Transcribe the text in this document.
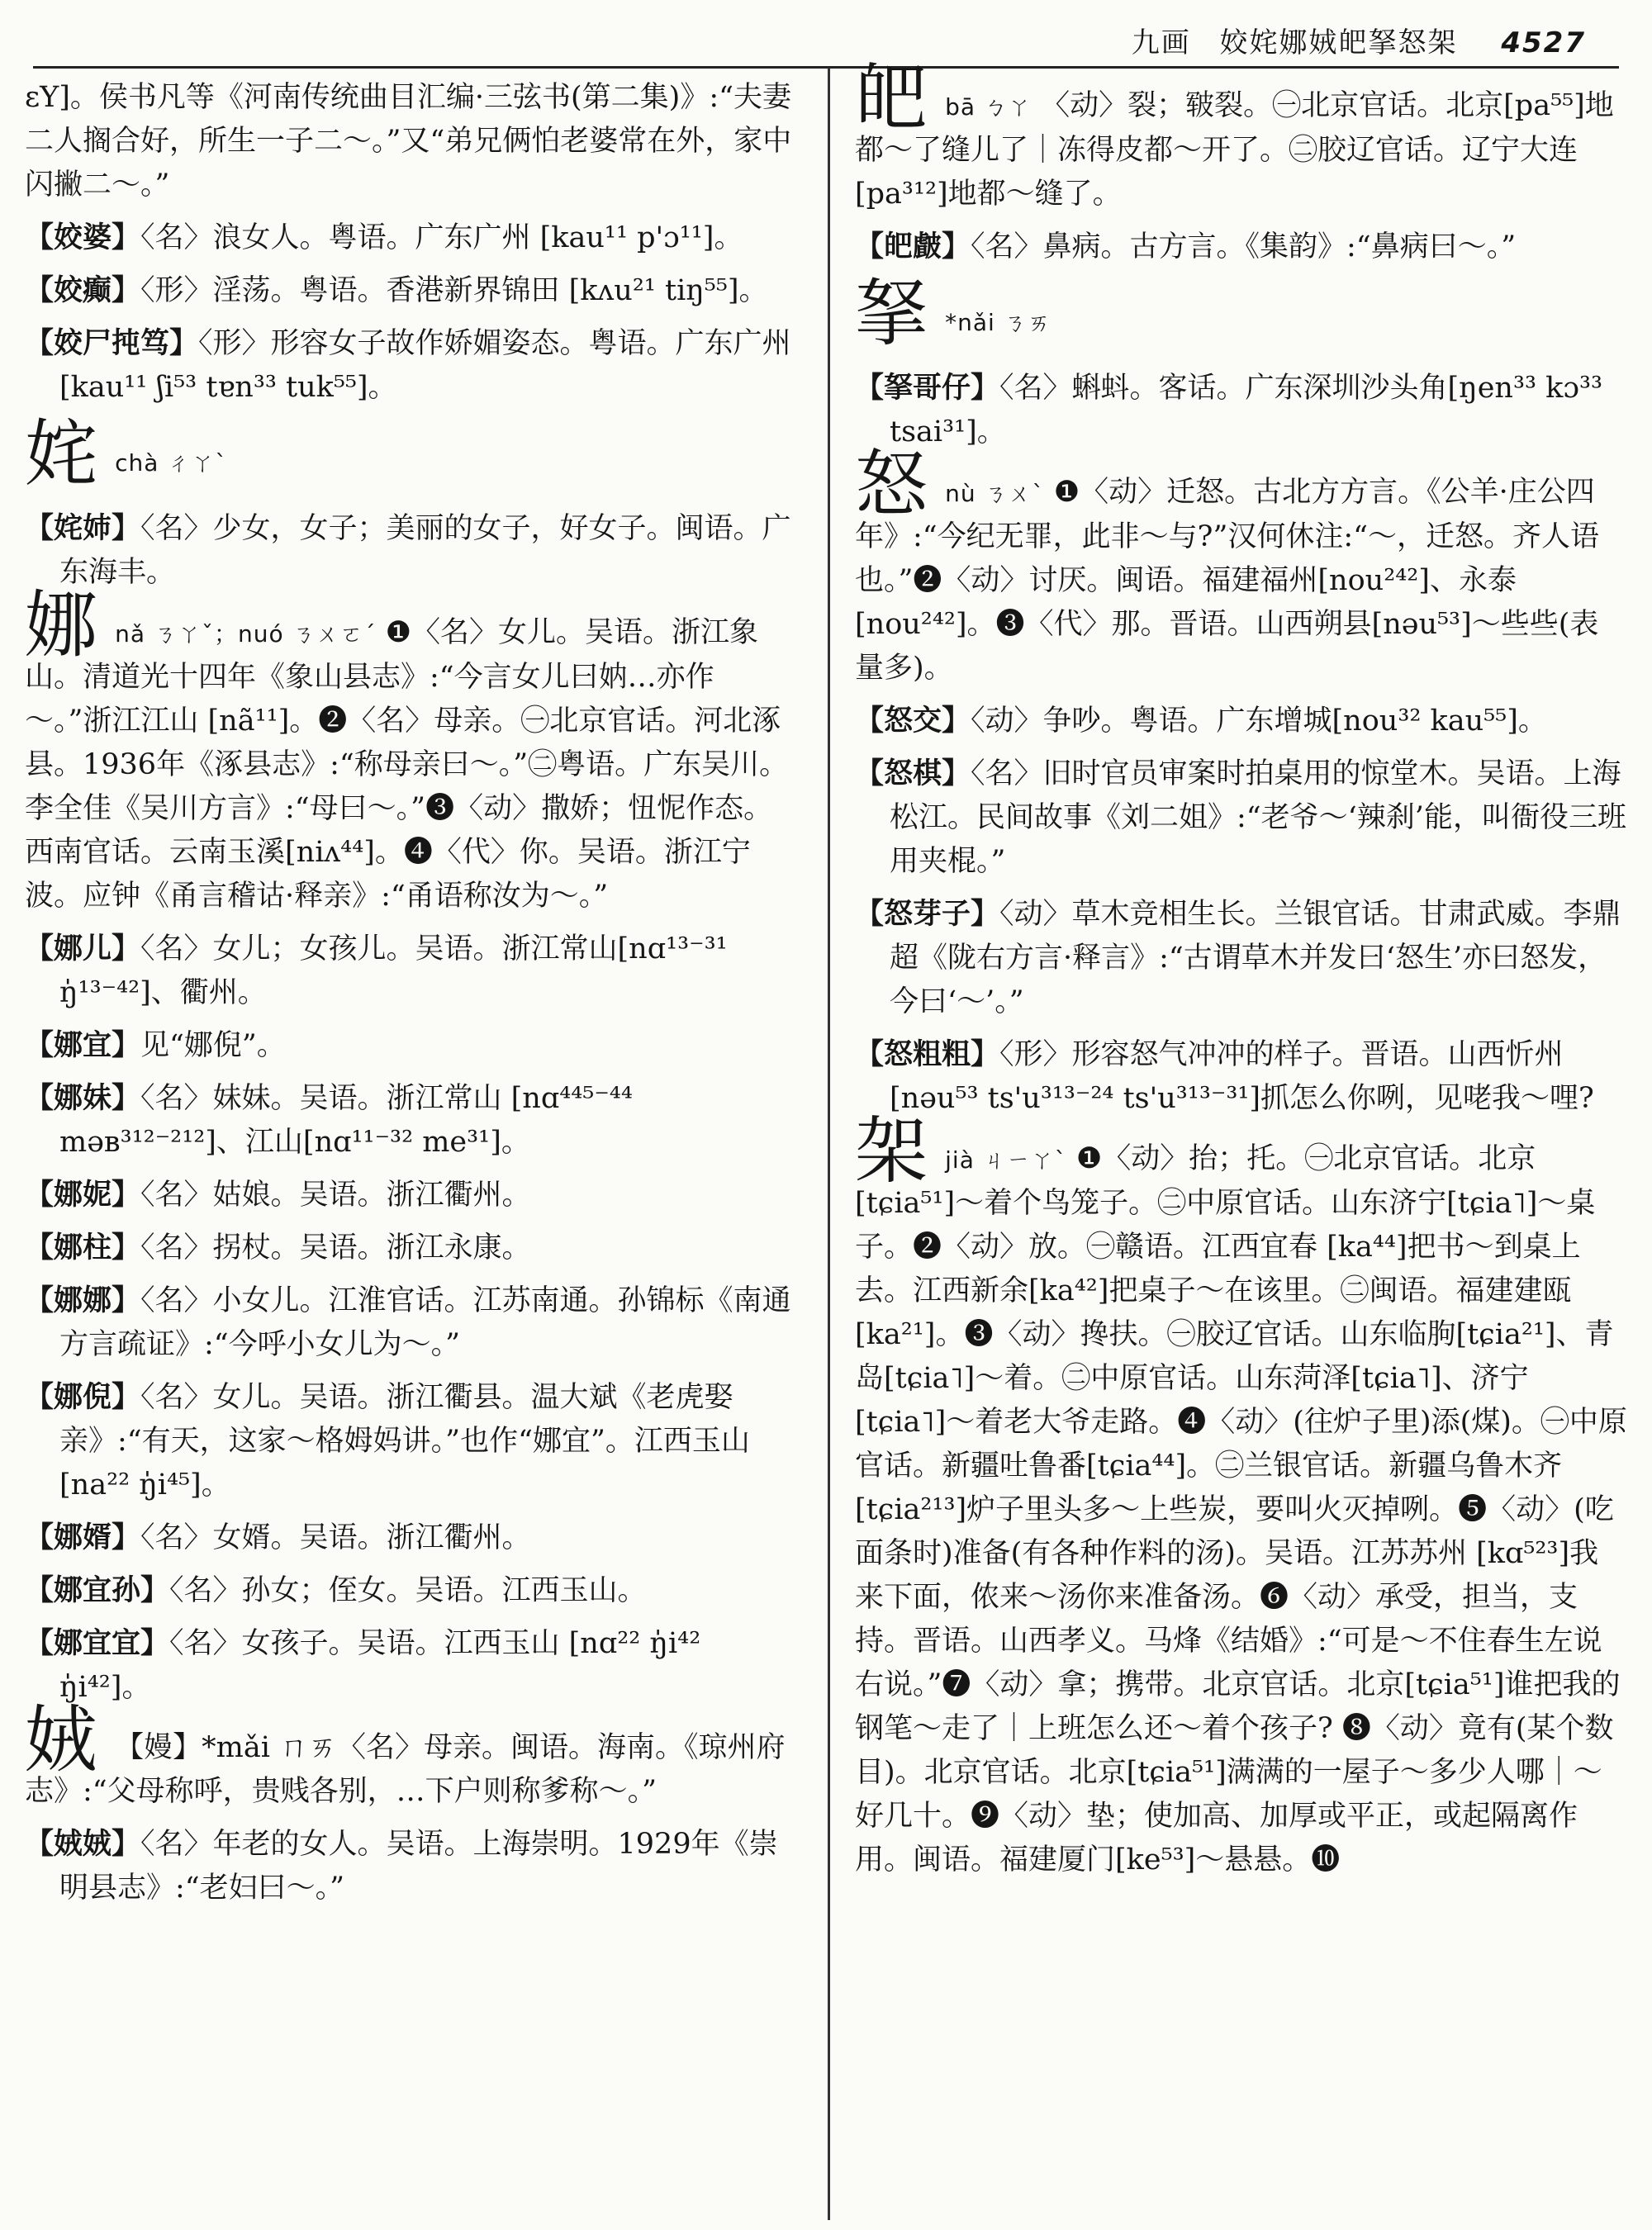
九画 姣姹娜娀皅拏怒架 4527

ɛY]。侯书凡等《河南传统曲目汇编·三弦书(第二集)》:“夫妻二人搁合好，所生一子二～。”又“弟兄俩怕老婆常在外，家中闪撇二～。”

【姣婆】〈名〉浪女人。粤语。广东广州 [kau¹¹ p'ɔ¹¹]。

【姣癫】〈形〉淫荡。粤语。香港新界锦田 [kʌu²¹ tiŋ⁵⁵]。

【姣尸扽笃】〈形〉形容女子故作娇媚姿态。粤语。广东广州[kau¹¹ ʃi⁵³ tɐn³³ tuk⁵⁵]。

姹 chà ㄔㄚˋ

【姹姉】〈名〉少女，女子；美丽的女子，好女子。闽语。广东海丰。

娜 nǎ ㄋㄚˇ；nuó ㄋㄨㄛˊ ❶〈名〉女儿。吴语。浙江象山。清道光十四年《象山县志》:“今言女儿曰妠…亦作～。”浙江江山 [nã¹¹]。❷〈名〉母亲。㊀北京官话。河北涿县。1936年《涿县志》:“称母亲曰～。”㊁粤语。广东吴川。李全佳《吴川方言》:“母曰～。”❸〈动〉撒娇；忸怩作态。西南官话。云南玉溪[niʌ⁴⁴]。❹〈代〉你。吴语。浙江宁波。应钟《甬言稽诂·释亲》:“甬语称汝为～。”

【娜儿】〈名〉女儿；女孩儿。吴语。浙江常山[nɑ¹³⁻³¹ ŋ̍¹³⁻⁴²]、衢州。

【娜宜】见“娜倪”。

【娜妹】〈名〉妹妹。吴语。浙江常山 [nɑ⁴⁴⁵⁻⁴⁴ məʙ³¹²⁻²¹²]、江山[nɑ¹¹⁻³² me³¹]。

【娜妮】〈名〉姑娘。吴语。浙江衢州。

【娜柱】〈名〉拐杖。吴语。浙江永康。

【娜娜】〈名〉小女儿。江淮官话。江苏南通。孙锦标《南通方言疏证》:“今呼小女儿为～。”

【娜倪】〈名〉女儿。吴语。浙江衢县。温大斌《老虎娶亲》:“有天，这家～格姆妈讲。”也作“娜宜”。江西玉山[na²² ŋ̍i⁴⁵]。

【娜婿】〈名〉女婿。吴语。浙江衢州。

【娜宜孙】〈名〉孙女；侄女。吴语。江西玉山。

【娜宜宜】〈名〉女孩子。吴语。江西玉山 [nɑ²² ŋ̍i⁴² ŋ̍i⁴²]。

娀 【嫚】*mǎi ㄇㄞ〈名〉母亲。闽语。海南。《琼州府志》:“父母称呼，贵贱各别，…下户则称爹称～。”

【娀娀】〈名〉年老的女人。吴语。上海崇明。1929年《崇明县志》:“老妇曰～。”

皅 bā ㄅㄚ 〈动〉裂；皲裂。㊀北京官话。北京[pa⁵⁵]地都～了缝儿了｜冻得皮都～开了。㊁胶辽官话。辽宁大连 [pa³¹²]地都～缝了。

【皅皻】〈名〉鼻病。古方言。《集韵》:“鼻病曰～。”

拏 *nǎi ㄋㄞ

【拏哥仔】〈名〉蝌蚪。客话。广东深圳沙头角[ŋen³³ kɔ³³ tsai³¹]。

怒 nù ㄋㄨˋ ❶〈动〉迁怒。古北方方言。《公羊·庄公四年》:“今纪无罪，此非～与?”汉何休注:“～，迁怒。齐人语也。”❷〈动〉讨厌。闽语。福建福州[nou²⁴²]、永泰[nou²⁴²]。❸〈代〉那。晋语。山西朔县[nəu⁵³]～些些(表量多)。

【怒交】〈动〉争吵。粤语。广东增城[nou³² kau⁵⁵]。

【怒棋】〈名〉旧时官员审案时拍桌用的惊堂木。吴语。上海松江。民间故事《刘二姐》:“老爷～‘辣刹’能，叫衙役三班用夹棍。”

【怒芽子】〈动〉草木竞相生长。兰银官话。甘肃武威。李鼎超《陇右方言·释言》:“古谓草木并发曰‘怒生’亦曰怒发，今曰‘～’。”

【怒粗粗】〈形〉形容怒气冲冲的样子。晋语。山西忻州[nəu⁵³ ts'u³¹³⁻²⁴ ts'u³¹³⁻³¹]抓怎么你咧，见咾我～哩?

架 jià ㄐㄧㄚˋ ❶〈动〉抬；托。㊀北京官话。北京 [tɕia⁵¹]～着个鸟笼子。㊁中原官话。山东济宁[tɕia˥]～桌子。❷〈动〉放。㊀赣语。江西宜春 [ka⁴⁴]把书～到桌上去。江西新余[ka⁴²]把桌子～在该里。㊁闽语。福建建瓯 [ka²¹]。❸〈动〉搀扶。㊀胶辽官话。山东临朐[tɕia²¹]、青岛[tɕia˥]～着。㊁中原官话。山东菏泽[tɕia˥]、济宁 [tɕia˥]～着老大爷走路。❹〈动〉(往炉子里)添(煤)。㊀中原官话。新疆吐鲁番[tɕia⁴⁴]。㊁兰银官话。新疆乌鲁木齐[tɕia²¹³]炉子里头多～上些炭，要叫火灭掉咧。❺〈动〉(吃面条时)准备(有各种作料的汤)。吴语。江苏苏州 [kɑ⁵²³]我来下面，侬来～汤你来准备汤。❻〈动〉承受，担当，支持。晋语。山西孝义。马烽《结婚》:“可是～不住春生左说右说。”❼〈动〉拿；携带。北京官话。北京[tɕia⁵¹]谁把我的钢笔～走了｜上班怎么还～着个孩子? ❽〈动〉竟有(某个数目)。北京官话。北京[tɕia⁵¹]满满的一屋子～多少人哪｜～好几十。❾〈动〉垫；使加高、加厚或平正，或起隔离作用。闽语。福建厦门[ke⁵³]～悬悬。❿
